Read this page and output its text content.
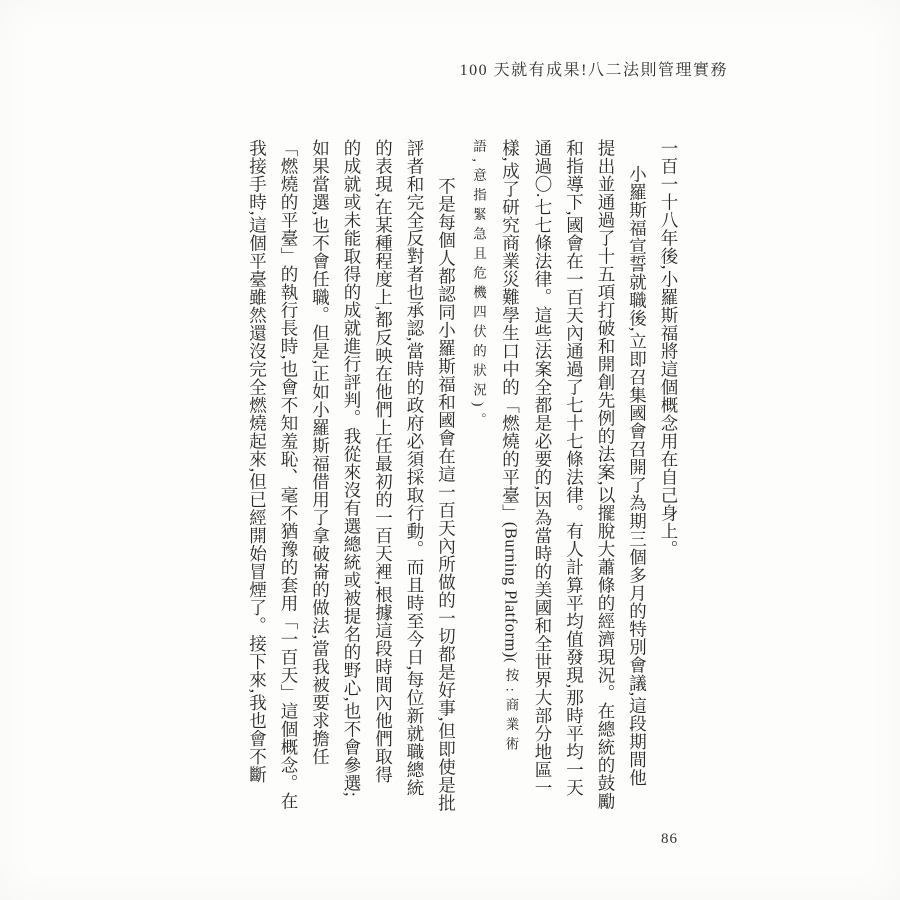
100 天就有成果!八二法則管理實務
一百一十八年後,小羅斯福將這個概念用在自己身上。
小羅斯福宣誓就職後,立即召集國會召開了為期三個多月的特別會議,這段期間他
提出並通過了十五項打破和開創先例的法案,以擺脫大蕭條的經濟現況。在總統的鼓勵
和指導下,國會在一百天內通過了七十七條法律。有人計算平均值發現,那時平均一天
通過〇.七七條法律。這些法案全都是必要的,因為當時的美國和全世界大部分地區一
樣,成了研究商業災難學生口中的「燃燒的平臺」(Burning Platform)(按:商業術
語,意指緊急且危機四伏的狀況)。
不是每個人都認同小羅斯福和國會在這一百天內所做的一切都是好事,但即使是批
評者和完全反對者也承認,當時的政府必須採取行動。而且時至今日,每位新就職總統
的表現,在某種程度上,都反映在他們上任最初的一百天裡,根據這段時間內他們取得
的成就或未能取得的成就進行評判。我從來沒有選總統或被提名的野心,也不會參選;
如果當選,也不會任職。但是,正如小羅斯福借用了拿破崙的做法,當我被要求擔任
「燃燒的平臺」的執行長時,也會不知羞恥、毫不猶豫的套用「一百天」這個概念。在
我接手時,這個平臺雖然還沒完全燃燒起來,但已經開始冒煙了。接下來,我也會不斷
86
